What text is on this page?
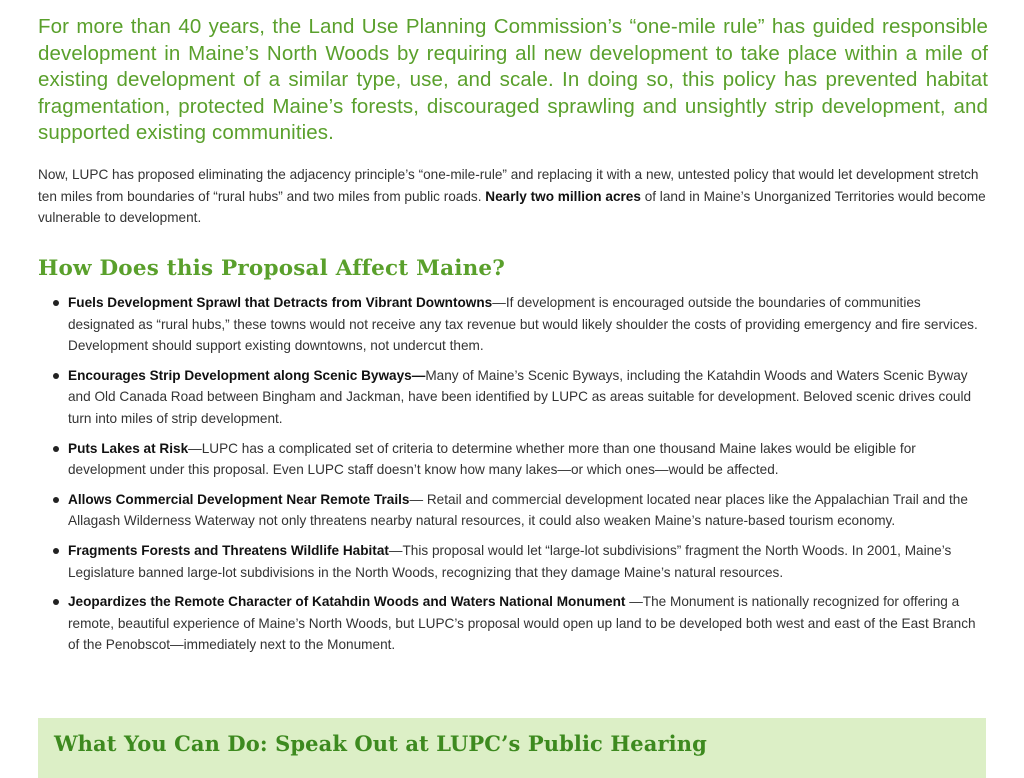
For more than 40 years, the Land Use Planning Commission’s “one-mile rule” has guided responsible development in Maine’s North Woods by requiring all new development to take place within a mile of existing development of a similar type, use, and scale. In doing so, this policy has prevented habitat fragmentation, protected Maine’s forests, discouraged sprawling and unsightly strip development, and supported existing communities.

Now, LUPC has proposed eliminating the adjacency principle’s “one-mile-rule” and replacing it with a new, untested policy that would let development stretch ten miles from boundaries of “rural hubs” and two miles from public roads. Nearly two million acres of land in Maine’s Unorganized Territories would become vulnerable to development.

How Does this Proposal Affect Maine?
Fuels Development Sprawl that Detracts from Vibrant Downtowns—If development is encouraged outside the boundaries of communities designated as “rural hubs,” these towns would not receive any tax revenue but would likely shoulder the costs of providing emergency and fire services. Development should support existing downtowns, not undercut them.
Encourages Strip Development along Scenic Byways—Many of Maine’s Scenic Byways, including the Katahdin Woods and Waters Scenic Byway and Old Canada Road between Bingham and Jackman, have been identified by LUPC as areas suitable for development. Beloved scenic drives could turn into miles of strip development.
Puts Lakes at Risk—LUPC has a complicated set of criteria to determine whether more than one thousand Maine lakes would be eligible for development under this proposal. Even LUPC staff doesn’t know how many lakes—or which ones—would be affected.
Allows Commercial Development Near Remote Trails— Retail and commercial development located near places like the Appalachian Trail and the Allagash Wilderness Waterway not only threatens nearby natural resources, it could also weaken Maine’s nature-based tourism economy.
Fragments Forests and Threatens Wildlife Habitat—This proposal would let “large-lot subdivisions” fragment the North Woods. In 2001, Maine’s Legislature banned large-lot subdivisions in the North Woods, recognizing that they damage Maine’s natural resources.
Jeopardizes the Remote Character of Katahdin Woods and Waters National Monument —The Monument is nationally recognized for offering a remote, beautiful experience of Maine’s North Woods, but LUPC’s proposal would open up land to be developed both west and east of the East Branch of the Penobscot—immediately next to the Monument.
What You Can Do: Speak Out at LUPC’s Public Hearing
